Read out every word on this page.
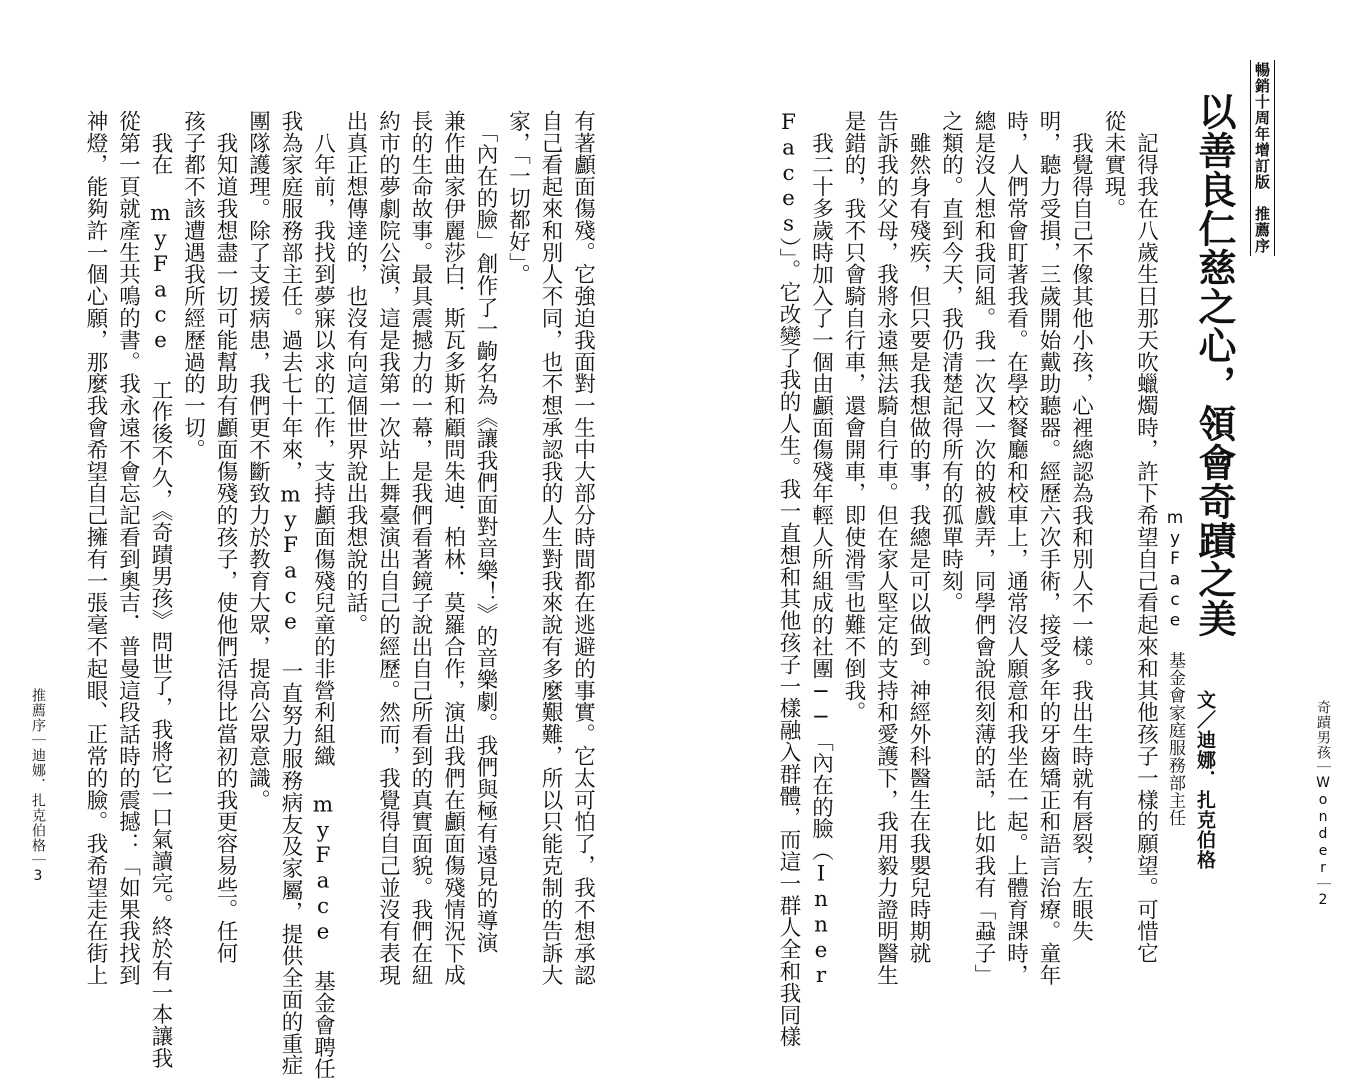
奇蹟男孩｜Wonder｜2
暢銷十周年增訂版　推薦序
以善良仁慈之心，領會奇蹟之美
myFace 基金會家庭服務部主任 文／迪娜．扎克伯格

　記得我在八歲生日那天吹蠟燭時，許下希望自己看起來和其他孩子一樣的願望。可惜它

從未實現。

　我覺得自己不像其他小孩，心裡總認為我和別人不一樣。我出生時就有唇裂，左眼失

明，聽力受損，三歲開始戴助聽器。經歷六次手術，接受多年的牙齒矯正和語言治療。童年

時，人們常會盯著我看。在學校餐廳和校車上，通常沒人願意和我坐在一起。上體育課時，

總是沒人想和我同組。我一次又一次的被戲弄，同學們會說很刻薄的話，比如我有「蝨子」

之類的。直到今天，我仍清楚記得所有的孤單時刻。

　雖然身有殘疾，但只要是我想做的事，我總是可以做到。神經外科醫生在我嬰兒時期就

告訴我的父母，我將永遠無法騎自行車。但在家人堅定的支持和愛護下，我用毅力證明醫生

是錯的，我不只會騎自行車，還會開車，即使滑雪也難不倒我。

　我二十多歲時加入了一個由顱面傷殘年輕人所組成的社團──「內在的臉（Inner

Faces）」。它改變了我的人生。我一直想和其他孩子一樣融入群體，而這一群人全和我同樣

推薦序｜迪娜．扎克伯格｜3	有著顱面傷殘。它強迫我面對一生中大部分時間都在逃避的事實。它太可怕了，我不想承認

自己看起來和別人不同，也不想承認我的人生對我來說有多麼艱難，所以只能克制的告訴大

家，「一切都好」。

　「內在的臉」創作了一齣名為《讓我們面對音樂！》的音樂劇。我們與極有遠見的導演

兼作曲家伊麗莎白．斯瓦多斯和顧問朱迪．柏林．莫羅合作，演出我們在顱面傷殘情況下成

長的生命故事。最具震撼力的一幕，是我們看著鏡子說出自己所看到的真實面貌。我們在紐

約市的夢劇院公演，這是我第一次站上舞臺演出自己的經歷。然而，我覺得自己並沒有表現

出真正想傳達的，也沒有向這個世界說出我想說的話。

　八年前，我找到夢寐以求的工作，支持顱面傷殘兒童的非營利組織 myFace 基金會聘任

我為家庭服務部主任。過去七十年來，myFace 一直努力服務病友及家屬，提供全面的重症

團隊護理。除了支援病患，我們更不斷致力於教育大眾，提高公眾意識。

　我知道我想盡一切可能幫助有顱面傷殘的孩子，使他們活得比當初的我更容易些。任何

孩子都不該遭遇我所經歷過的一切。

　我在 myFace 工作後不久，《奇蹟男孩》問世了，我將它一口氣讀完。終於有一本讓我

從第一頁就產生共鳴的書。我永遠不會忘記看到奧吉．普曼這段話時的震撼：「如果我找到

神燈，能夠許一個心願，那麼我會希望自己擁有一張毫不起眼、正常的臉。我希望走在街上
